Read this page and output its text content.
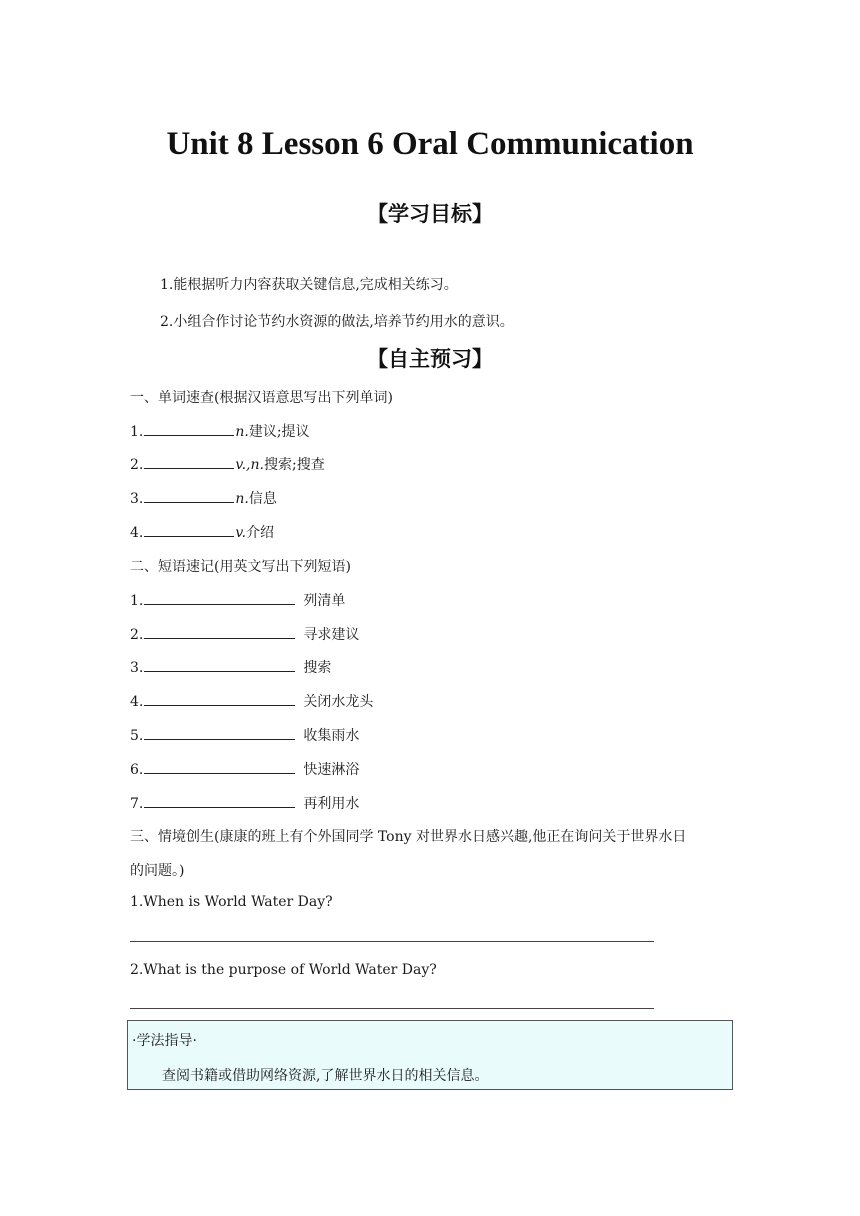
Unit 8 Lesson 6 Oral Communication
【学习目标】
1.能根据听力内容获取关键信息,完成相关练习。
2.小组合作讨论节约水资源的做法,培养节约用水的意识。
【自主预习】
一、单词速查(根据汉语意思写出下列单词)
1.	n.建议;提议
2.	v.,n.搜索;搜查
3.	n.信息
4.	v.介绍
二、短语速记(用英文写出下列短语)
1.	列清单
2.	寻求建议
3.	搜索
4.	关闭水龙头
5.	收集雨水
6.	快速淋浴
7.	再利用水
三、情境创生(康康的班上有个外国同学 Tony 对世界水日感兴趣,他正在询问关于世界水日
的问题。)
1.When is World Water Day?
2.What is the purpose of World Water Day?
·学法指导·
查阅书籍或借助网络资源,了解世界水日的相关信息。
